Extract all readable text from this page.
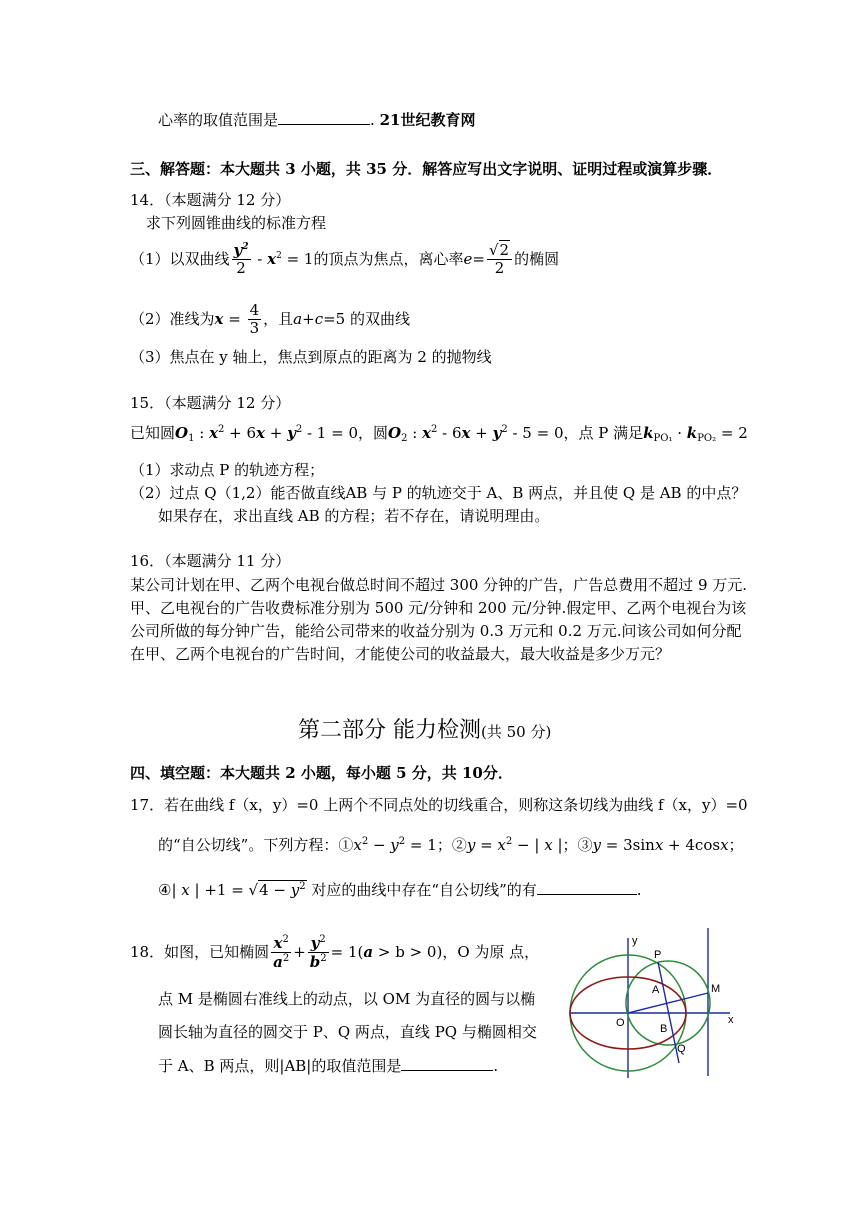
心率的取值范围是	. 21世纪教育网
三、解答题：本大题共 3 小题，共 35 分．解答应写出文字说明、证明过程或演算步骤．
14．（本题满分 12 分）
求下列圆锥曲线的标准方程
（1）以双曲线 $\frac{y^2}{2} - x^2 = 1$的顶点为焦点，离心率$e= \frac{√2}{2}$ 的椭圆
（2）准线为$x = \frac{4}{3}$ ，且a+c=5 的双曲线
（3）焦点在 y 轴上，焦点到原点的距离为 2 的抛物线
15．（本题满分 12 分）
已知圆$O_1$ : $x^2 + 6x + y^2 - 1 = 0$，圆$O_2$ : $x^2 - 6x + y^2 - 5 = 0$，点 P 满足$k_{PO_1} \cdot k_{PO_2} = 2$
（1）求动点 P 的轨迹方程；
（2）过点 Q（1,2）能否做直线AB 与 P 的轨迹交于 A、B 两点，并且使 Q 是 AB 的中点？
如果存在，求出直线 AB 的方程；若不存在，请说明理由。
16．（本题满分 11 分）
某公司计划在甲、乙两个电视台做总时间不超过 300 分钟的广告，广告总费用不超过 9 万元.
甲、乙电视台的广告收费标准分别为 500 元/分钟和 200 元/分钟.假定甲、乙两个电视台为该
公司所做的每分钟广告，能给公司带来的收益分别为 0.3 万元和 0.2 万元.问该公司如何分配
在甲、乙两个电视台的广告时间，才能使公司的收益最大，最大收益是多少万元？
第二部分 能力检测(共 50 分)
四、填空题：本大题共 2 小题，每小题 5 分，共 10分．
17．若在曲线 f（x，y）=0 上两个不同点处的切线重合，则称这条切线为曲线 f（x，y）=0
的“自公切线”。下列方程：$①x^2 - y^2 = 1$；②y = $x^2$ − | x |；③y = 3sinx + 4cosx；
④| x | $+1 = √4 - y^2$ 对应的曲线中存在“自公切线”的有	.
18．如图，已知椭圆 $\frac{x^2}{a^2} + \frac{y^2}{b^2} = 1(a > b > 0)$，O 为原 点，
点 M 是椭圆右准线上的动点，以 OM 为直径的圆与以椭
圆长轴为直径的圆交于 P、Q 两点，直线 PQ 与椭圆相交
于 A、B 两点，则|AB|的取值范围是	.
y
x
O
P
A	M
B
Q
